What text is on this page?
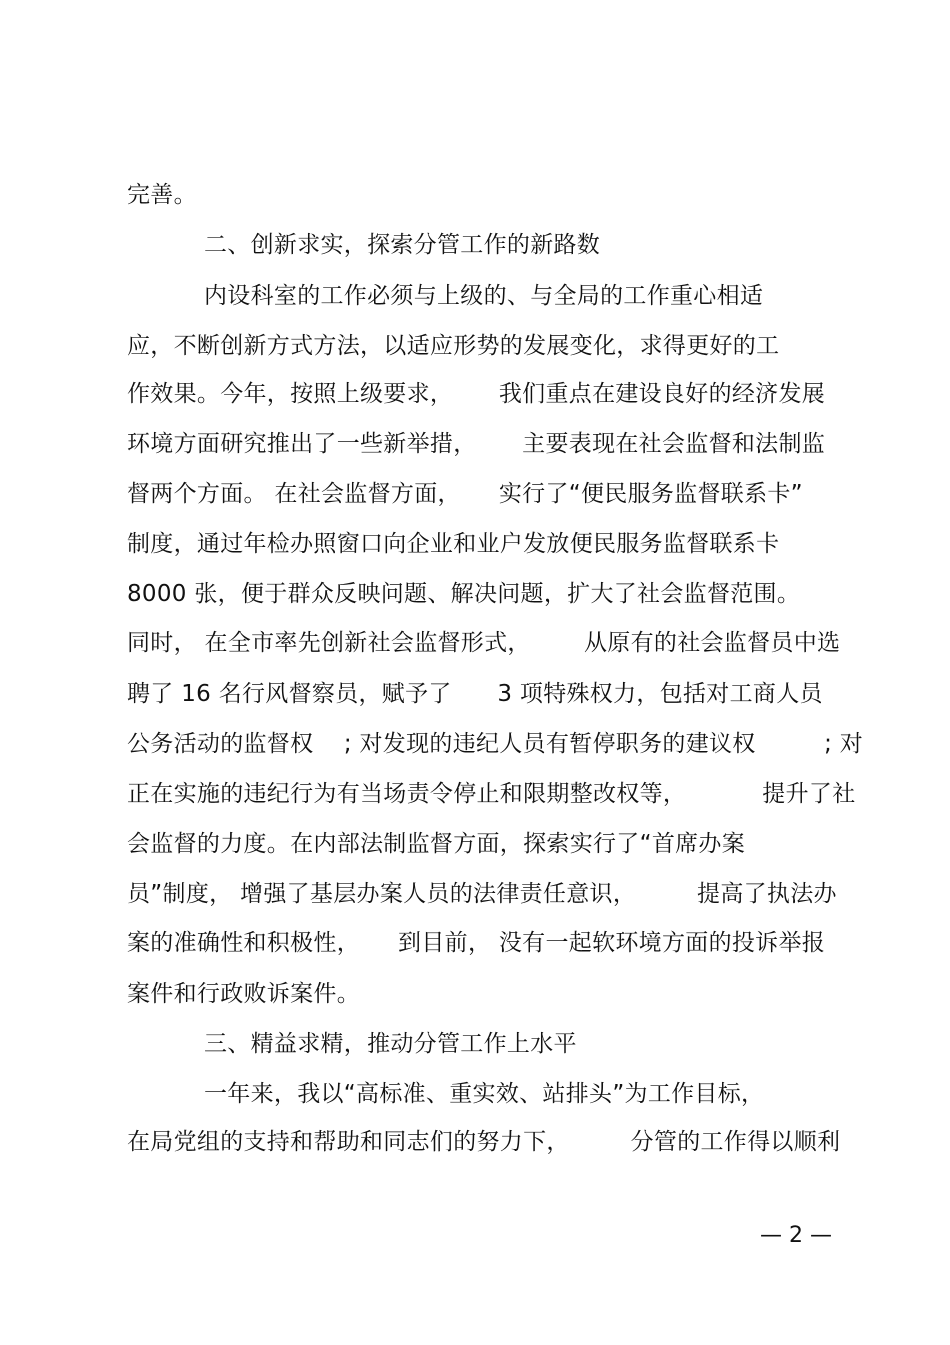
完善。
二、创新求实，探索分管工作的新路数
内设科室的工作必须与上级的、与全局的工作重心相适
应，不断创新方式方法，以适应形势的发展变化，求得更好的工
作效果。今年，按照上级要求，      我们重点在建设良好的经济发展
环境方面研究推出了一些新举措，      主要表现在社会监督和法制监
督两个方面。 在社会监督方面，     实行了“便民服务监督联系卡”
制度，通过年检办照窗口向企业和业户发放便民服务监督联系卡
8000 张，便于群众反映问题、解决问题，扩大了社会监督范围。
同时， 在全市率先创新社会监督形式，       从原有的社会监督员中选
聘了 16 名行风督察员，赋予了      3 项特殊权力，包括对工商人员
公务活动的监督权    ; 对发现的违纪人员有暂停职务的建议权         ; 对
正在实施的违纪行为有当场责令停止和限期整改权等，          提升了社
会监督的力度。在内部法制监督方面，探索实行了“首席办案
员”制度， 增强了基层办案人员的法律责任意识，        提高了执法办
案的准确性和积极性，     到目前， 没有一起软环境方面的投诉举报
案件和行政败诉案件。
三、精益求精，推动分管工作上水平
一年来，我以“高标准、重实效、站排头”为工作目标，
在局党组的支持和帮助和同志们的努力下，        分管的工作得以顺利
— 2 —
